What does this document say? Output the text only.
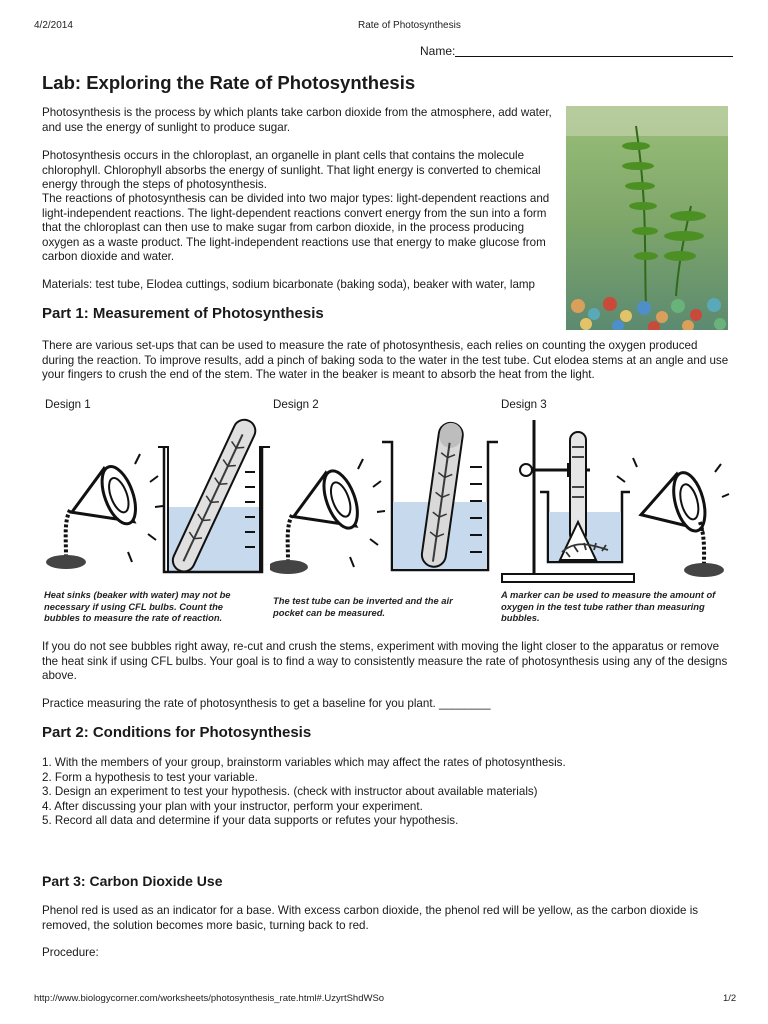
4/2/2014	Rate of Photosynthesis
Name:
Lab: Exploring the Rate of Photosynthesis

Photosynthesis is the process by which plants take carbon dioxide from the atmosphere, add water, and use the energy of sunlight to produce sugar.

Photosynthesis occurs in the chloroplast, an organelle in plant cells that contains the molecule chlorophyll. Chlorophyll absorbs the energy of sunlight. That light energy is converted to chemical energy through the steps of photosynthesis.

The reactions of photosynthesis can be divided into two major types: light-dependent reactions and light-independent reactions. The light-dependent reactions convert energy from the sun into a form that the chloroplast can then use to make sugar from carbon dioxide, in the process producing oxygen as a waste product. The light-independent reactions use that energy to make glucose from carbon dioxide and water.

Materials: test tube, Elodea cuttings, sodium bicarbonate (baking soda), beaker with water, lamp

Part 1: Measurement of Photosynthesis

There are various set-ups that can be used to measure the rate of photosynthesis, each relies on counting the oxygen produced during the reaction. To improve results, add a pinch of baking soda to the water in the test tube. Cut elodea stems at an angle and use your fingers to crush the end of the stem. The water in the beaker is meant to absorb the heat from the light.

Design 1	Design 2	Design 3

Heat sinks (beaker with water) may not be necessary if using CFL bulbs. Count the bubbles to measure the rate of reaction.

The test tube can be inverted and the air pocket can be measured.

A marker can be used to measure the amount of oxygen in the test tube rather than measuring bubbles.

If you do not see bubbles right away, re-cut and crush the stems, experiment with moving the light closer to the apparatus or remove the heat sink if using CFL bulbs. Your goal is to find a way to consistently measure the rate of photosynthesis using any of the designs above.

Practice measuring the rate of photosynthesis to get a baseline for you plant. ________

Part 2: Conditions for Photosynthesis

1. With the members of your group, brainstorm variables which may affect the rates of photosynthesis.

2. Form a hypothesis to test your variable.

3. Design an experiment to test your hypothesis. (check with instructor about available materials)

4. After discussing your plan with your instructor, perform your experiment.

5. Record all data and determine if your data supports or refutes your hypothesis.

Part 3: Carbon Dioxide Use

Phenol red is used as an indicator for a base. With excess carbon dioxide, the phenol red will be yellow, as the carbon dioxide is removed, the solution becomes more basic, turning back to red.

Procedure:

http://www.biologycorner.com/worksheets/photosynthesis_rate.html#.UzyrtShdWSo	1/2
